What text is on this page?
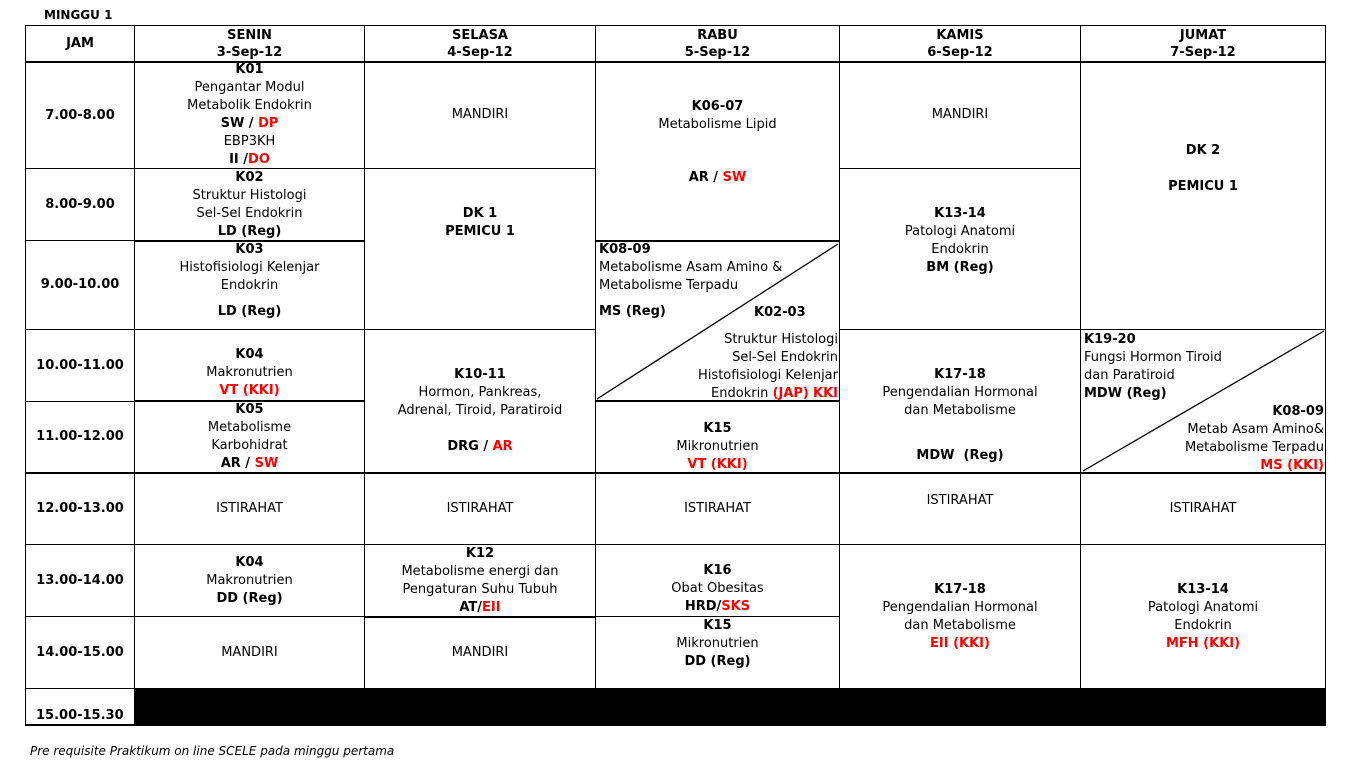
MINGGU 1
JAM
SENIN
3-Sep-12
SELASA
4-Sep-12
RABU
5-Sep-12
KAMIS
6-Sep-12
JUMAT
7-Sep-12
7.00-8.00
8.00-9.00
9.00-10.00
10.00-11.00
11.00-12.00
12.00-13.00
13.00-14.00
14.00-15.00
15.00-15.30
K01
Pengantar Modul
Metabolik Endokrin
SW / DP
EBP3KH
II /DO
K02
Struktur Histologi
Sel-Sel Endokrin
LD (Reg)
K03
Histofisiologi Kelenjar
Endokrin
LD (Reg)
K04
Makronutrien
VT (KKI)
K05
Metabolisme
Karbohidrat
AR / SW
ISTIRAHAT
K04
Makronutrien
DD (Reg)
MANDIRI
MANDIRI
DK 1
PEMICU 1
K10-11
Hormon, Pankreas,
Adrenal, Tiroid, Paratiroid
DRG / AR
ISTIRAHAT
K12
Metabolisme energi dan
Pengaturan Suhu Tubuh
AT/EII
MANDIRI
K06-07
Metabolisme Lipid
AR / SW
K08-09
Metabolisme Asam Amino &
Metabolisme Terpadu
MS (Reg)	K02-03
Struktur Histologi
Sel-Sel Endokrin
Histofisiologi Kelenjar
Endokrin (JAP) KKI
K15
Mikronutrien
VT (KKI)
ISTIRAHAT
K16
Obat Obesitas
HRD/SKS
K15
Mikronutrien
DD (Reg)
MANDIRI
K13-14
Patologi Anatomi
Endokrin
BM (Reg)
K17-18
Pengendalian Hormonal
dan Metabolisme
MDW  (Reg)
ISTIRAHAT
K17-18
Pengendalian Hormonal
dan Metabolisme
EII (KKI)
DK 2
PEMICU 1
K19-20
Fungsi Hormon Tiroid
dan Paratiroid
MDW (Reg)
K08-09
Metab Asam Amino&
Metabolisme Terpadu
MS (KKI)
ISTIRAHAT
K13-14
Patologi Anatomi
Endokrin
MFH (KKI)
Pre requisite Praktikum on line SCELE pada minggu pertama
